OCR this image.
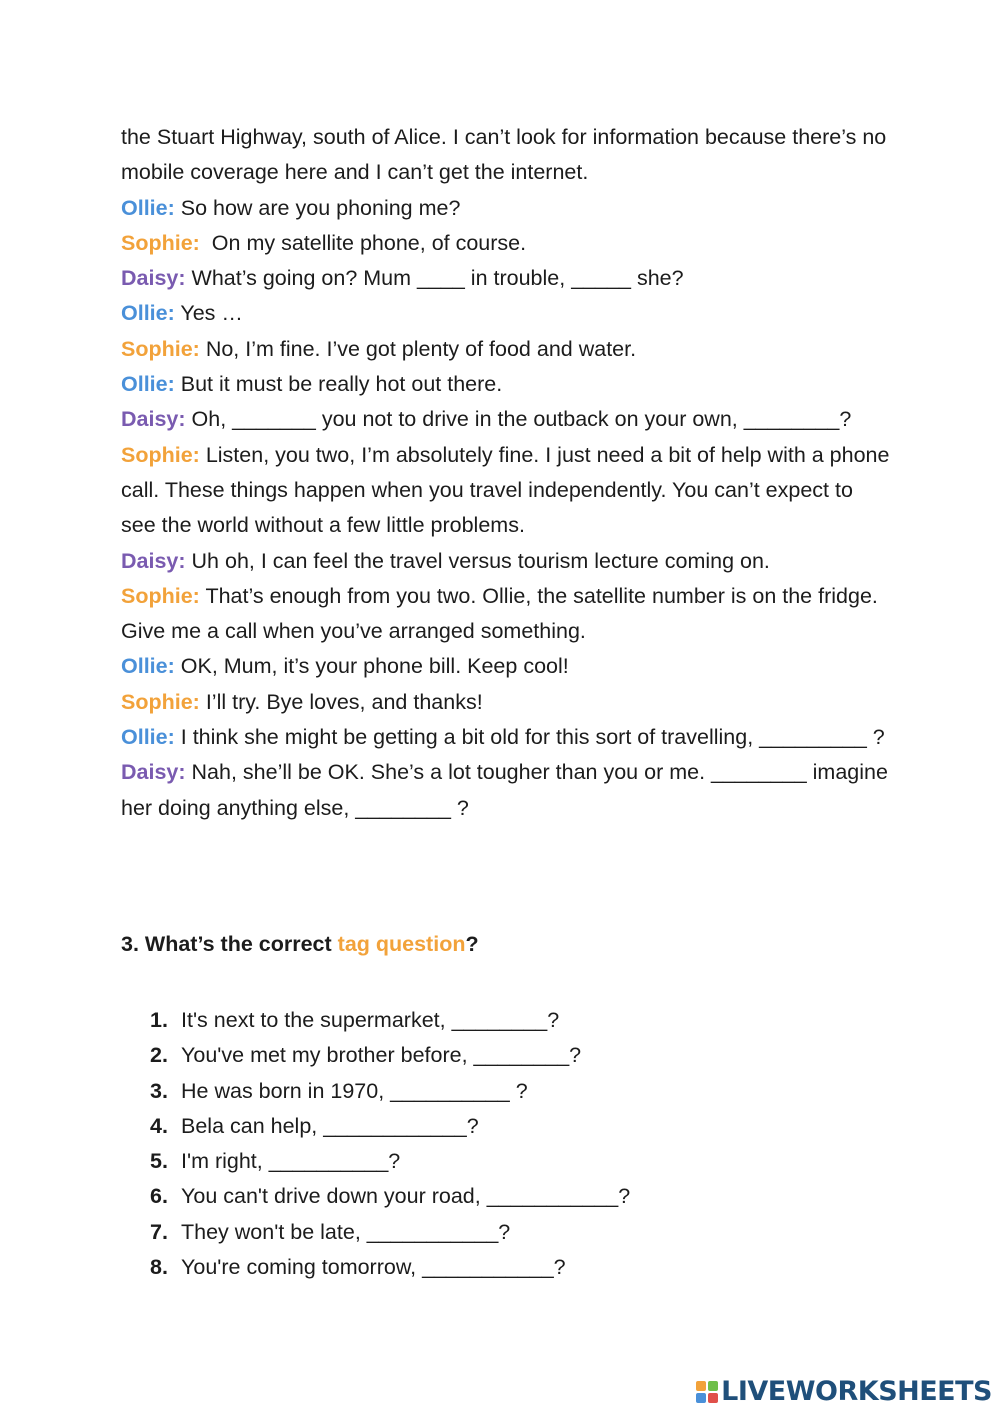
the Stuart Highway, south of Alice. I can’t look for information because there’s no mobile coverage here and I can’t get the internet.

Ollie: So how are you phoning me?

Sophie:  On my satellite phone, of course.

Daisy: What’s going on? Mum ____ in trouble, _____ she?

Ollie: Yes …

Sophie: No, I’m fine. I’ve got plenty of food and water.

Ollie: But it must be really hot out there.

Daisy: Oh, _______ you not to drive in the outback on your own, ________?

Sophie: Listen, you two, I’m absolutely fine. I just need a bit of help with a phone call. These things happen when you travel independently. You can’t expect to see the world without a few little problems.

Daisy: Uh oh, I can feel the travel versus tourism lecture coming on.

Sophie: That’s enough from you two. Ollie, the satellite number is on the fridge. Give me a call when you’ve arranged something.

Ollie: OK, Mum, it’s your phone bill. Keep cool!

Sophie: I’ll try. Bye loves, and thanks!

Ollie: I think she might be getting a bit old for this sort of travelling, _________ ?

Daisy: Nah, she’ll be OK. She’s a lot tougher than you or me. ________ imagine her doing anything else, ________ ?

3. What’s the correct tag question?
1. It's next to the supermarket, ________?
2. You've met my brother before, ________?
3. He was born in 1970, __________ ?
4. Bela can help, ____________?
5. I'm right, __________?
6. You can't drive down your road, ___________?
7. They won't be late, ___________?
8. You're coming tomorrow, ___________?
LIVEWORKSHEETS
